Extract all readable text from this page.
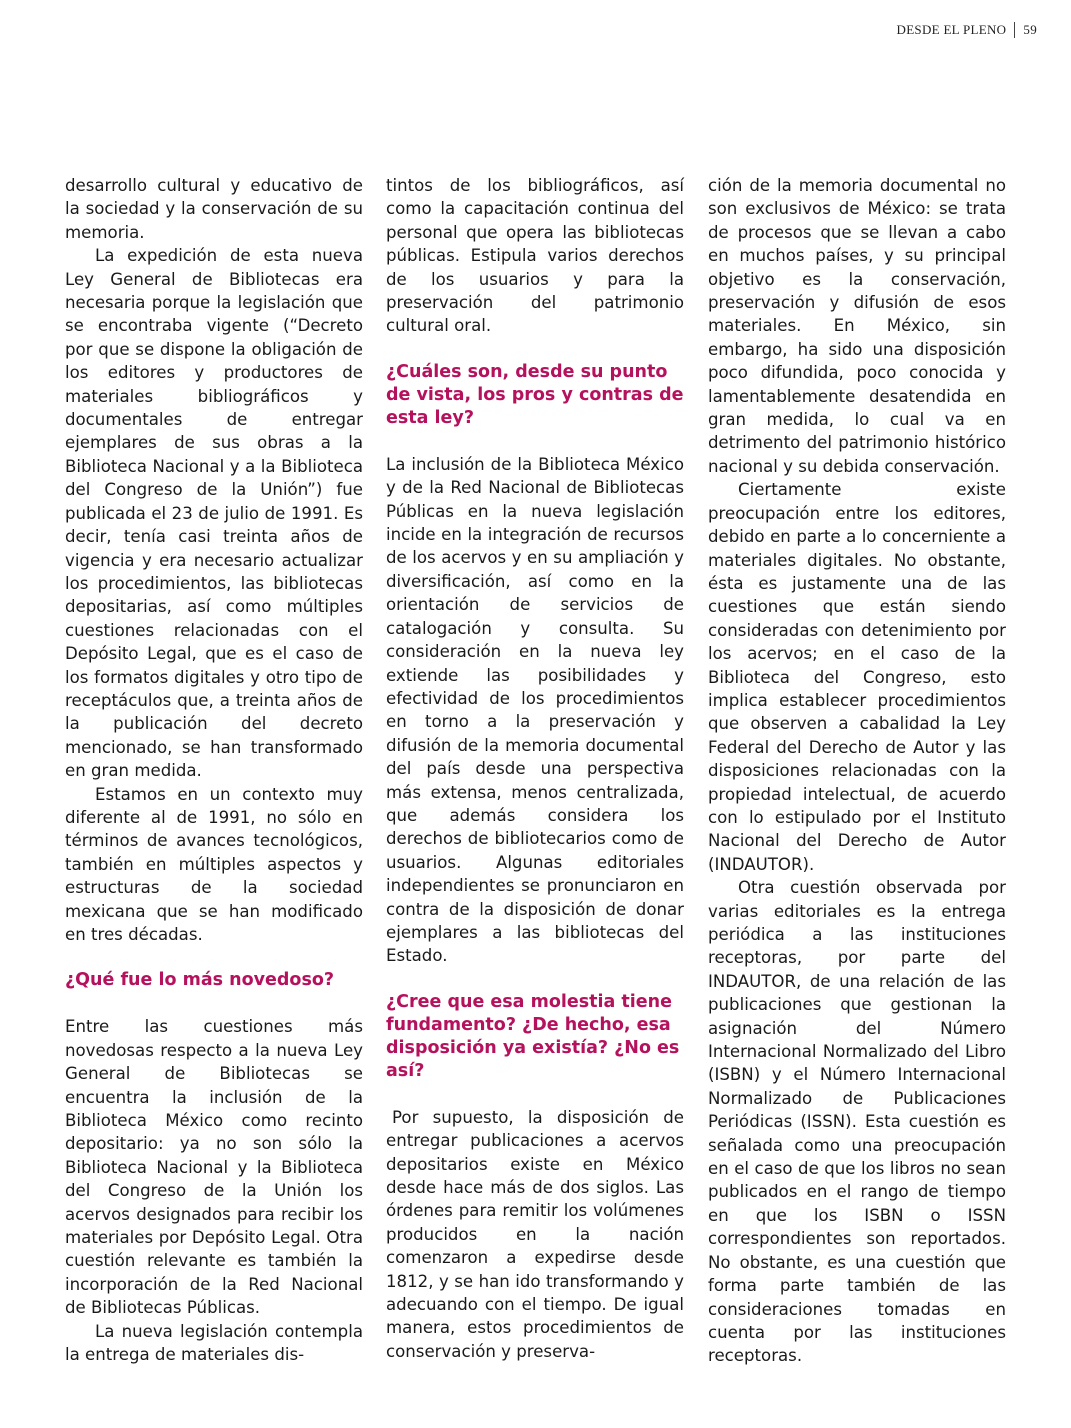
DESDE EL PLENO 59

desarrollo cultural y educativo de la sociedad y la conservación de su memoria.

La expedición de esta nueva Ley General de Bibliotecas era necesaria porque la legislación que se encontraba vigente (“Decreto por que se dispone la obligación de los editores y productores de materiales bibliográficos y documentales de entregar ejemplares de sus obras a la Biblioteca Nacional y a la Biblioteca del Congreso de la Unión”) fue publicada el 23 de julio de 1991. Es decir, tenía casi treinta años de vigencia y era necesario actualizar los procedimientos, las bibliotecas depositarias, así como múltiples cuestiones relacionadas con el Depósito Legal, que es el caso de los formatos digitales y otro tipo de receptáculos que, a treinta años de la publicación del decreto mencionado, se han transformado en gran medida.

Estamos en un contexto muy diferente al de 1991, no sólo en términos de avances tecnológicos, también en múltiples aspectos y estructuras de la sociedad mexicana que se han modificado en tres décadas.

¿Qué fue lo más novedoso?

Entre las cuestiones más novedosas respecto a la nueva Ley General de Bibliotecas se encuentra la inclusión de la Biblioteca México como recinto depositario: ya no son sólo la Biblioteca Nacional y la Biblioteca del Congreso de la Unión los acervos designados para recibir los materiales por Depósito Legal. Otra cuestión relevante es también la incorporación de la Red Nacional de Bibliotecas Públicas.

La nueva legislación contempla la entrega de materiales dis-

tintos de los bibliográficos, así como la capacitación continua del personal que opera las bibliotecas públicas. Estipula varios derechos de los usuarios y para la preservación del patrimonio cultural oral.

¿Cuáles son, desde su punto de vista, los pros y contras de esta ley?

La inclusión de la Biblioteca México y de la Red Nacional de Bibliotecas Públicas en la nueva legislación incide en la integración de recursos de los acervos y en su ampliación y diversificación, así como en la orientación de servicios de catalogación y consulta. Su consideración en la nueva ley extiende las posibilidades y efectividad de los procedimientos en torno a la preservación y difusión de la memoria documental del país desde una perspectiva más extensa, menos centralizada, que además considera los derechos de bibliotecarios como de usuarios. Algunas editoriales independientes se pronunciaron en contra de la disposición de donar ejemplares a las bibliotecas del Estado.

¿Cree que esa molestia tiene fundamento? ¿De hecho, esa disposición ya existía? ¿No es así?

Por supuesto, la disposición de entregar publicaciones a acervos depositarios existe en México desde hace más de dos siglos. Las órdenes para remitir los volúmenes producidos en la nación comenzaron a expedirse desde 1812, y se han ido transformando y adecuando con el tiempo. De igual manera, estos procedimientos de conservación y preserva-

ción de la memoria documental no son exclusivos de México: se trata de procesos que se llevan a cabo en muchos países, y su principal objetivo es la conservación, preservación y difusión de esos materiales. En México, sin embargo, ha sido una disposición poco difundida, poco conocida y lamentablemente desatendida en gran medida, lo cual va en detrimento del patrimonio histórico nacional y su debida conservación.

Ciertamente existe preocupación entre los editores, debido en parte a lo concerniente a materiales digitales. No obstante, ésta es justamente una de las cuestiones que están siendo consideradas con detenimiento por los acervos; en el caso de la Biblioteca del Congreso, esto implica establecer procedimientos que observen a cabalidad la Ley Federal del Derecho de Autor y las disposiciones relacionadas con la propiedad intelectual, de acuerdo con lo estipulado por el Instituto Nacional del Derecho de Autor (INDAUTOR).

Otra cuestión observada por varias editoriales es la entrega periódica a las instituciones receptoras, por parte del INDAUTOR, de una relación de las publicaciones que gestionan la asignación del Número Internacional Normalizado del Libro (ISBN) y el Número Internacional Normalizado de Publicaciones Periódicas (ISSN). Esta cuestión es señalada como una preocupación en el caso de que los libros no sean publicados en el rango de tiempo en que los ISBN o ISSN correspondientes son reportados. No obstante, es una cuestión que forma parte también de las consideraciones tomadas en cuenta por las instituciones receptoras.
